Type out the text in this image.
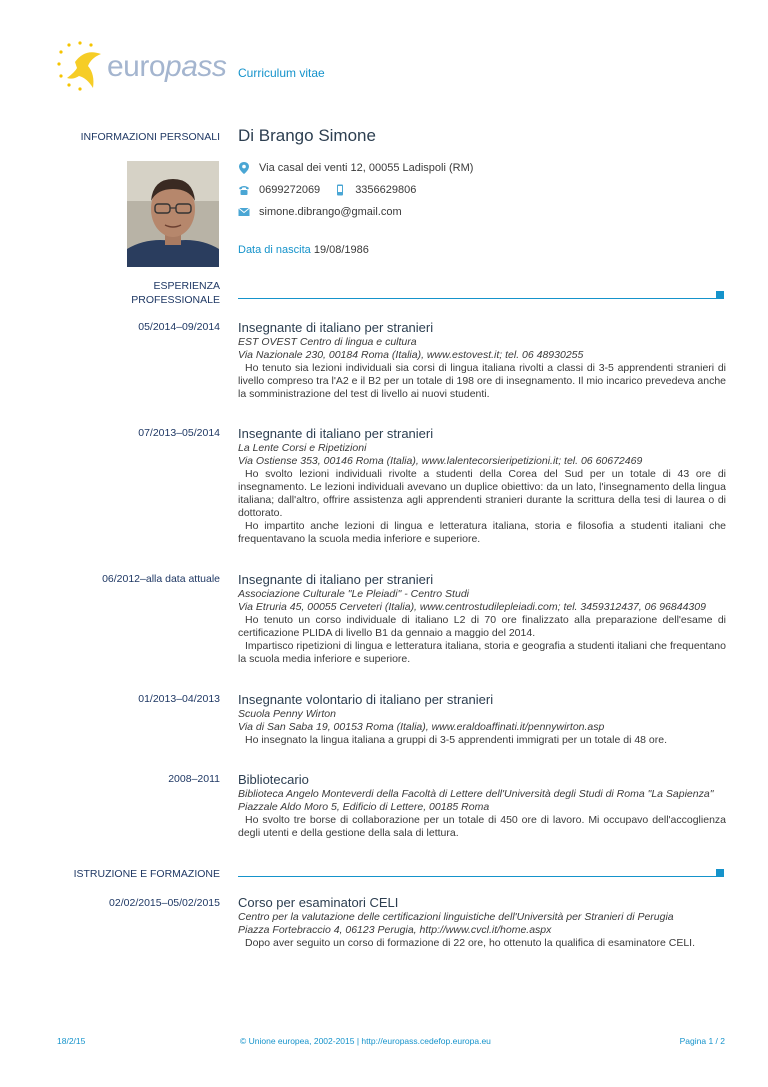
europass Curriculum vitae
INFORMAZIONI PERSONALI Di Brango Simone
Via casal dei venti 12, 00055 Ladispoli (RM)
0699272069	3356629806
simone.dibrango@gmail.com
Data di nascita 19/08/1986
ESPERIENZA
PROFESSIONALE
05/2014–09/2014 Insegnante di italiano per stranieri
EST OVEST Centro di lingua e cultura
Via Nazionale 230, 00184 Roma (Italia), www.estovest.it; tel. 06 48930255
Ho tenuto sia lezioni individuali sia corsi di lingua italiana rivolti a classi di 3-5 apprendenti stranieri di livello compreso tra l'A2 e il B2 per un totale di 198 ore di insegnamento. Il mio incarico prevedeva anche la somministrazione del test di livello ai nuovi studenti.
07/2013–05/2014 Insegnante di italiano per stranieri
La Lente Corsi e Ripetizioni
Via Ostiense 353, 00146 Roma (Italia), www.lalentecorsieripetizioni.it; tel. 06 60672469
Ho svolto lezioni individuali rivolte a studenti della Corea del Sud per un totale di 43 ore di insegnamento. Le lezioni individuali avevano un duplice obiettivo: da un lato, l'insegnamento della lingua italiana; dall'altro, offrire assistenza agli apprendenti stranieri durante la scrittura della tesi di laurea o di dottorato.
Ho impartito anche lezioni di lingua e letteratura italiana, storia e filosofia a studenti italiani che frequentavano la scuola media inferiore e superiore.
06/2012–alla data attuale Insegnante di italiano per stranieri
Associazione Culturale "Le Pleiadi" - Centro Studi
Via Etruria 45, 00055 Cerveteri (Italia), www.centrostudilepleiadi.com; tel. 3459312437, 06 96844309
Ho tenuto un corso individuale di italiano L2 di 70 ore finalizzato alla preparazione dell'esame di certificazione PLIDA di livello B1 da gennaio a maggio del 2014.
Impartisco ripetizioni di lingua e letteratura italiana, storia e geografia a studenti italiani che frequentano la scuola media inferiore e superiore.
01/2013–04/2013 Insegnante volontario di italiano per stranieri
Scuola Penny Wirton
Via di San Saba 19, 00153 Roma (Italia), www.eraldoaffinati.it/pennywirton.asp
Ho insegnato la lingua italiana a gruppi di 3-5 apprendenti immigrati per un totale di 48 ore.
2008–2011 Bibliotecario
Biblioteca Angelo Monteverdi della Facoltà di Lettere dell'Università degli Studi di Roma "La Sapienza"
Piazzale Aldo Moro 5, Edificio di Lettere, 00185 Roma
Ho svolto tre borse di collaborazione per un totale di 450 ore di lavoro. Mi occupavo dell'accoglienza degli utenti e della gestione della sala di lettura.
ISTRUZIONE E FORMAZIONE
02/02/2015–05/02/2015 Corso per esaminatori CELI
Centro per la valutazione delle certificazioni linguistiche dell'Università per Stranieri di Perugia
Piazza Fortebraccio 4, 06123 Perugia, http://www.cvcl.it/home.aspx
Dopo aver seguito un corso di formazione di 22 ore, ho ottenuto la qualifica di esaminatore CELI.
18/2/15	© Unione europea, 2002-2015 | http://europass.cedefop.europa.eu	Pagina 1 / 2
